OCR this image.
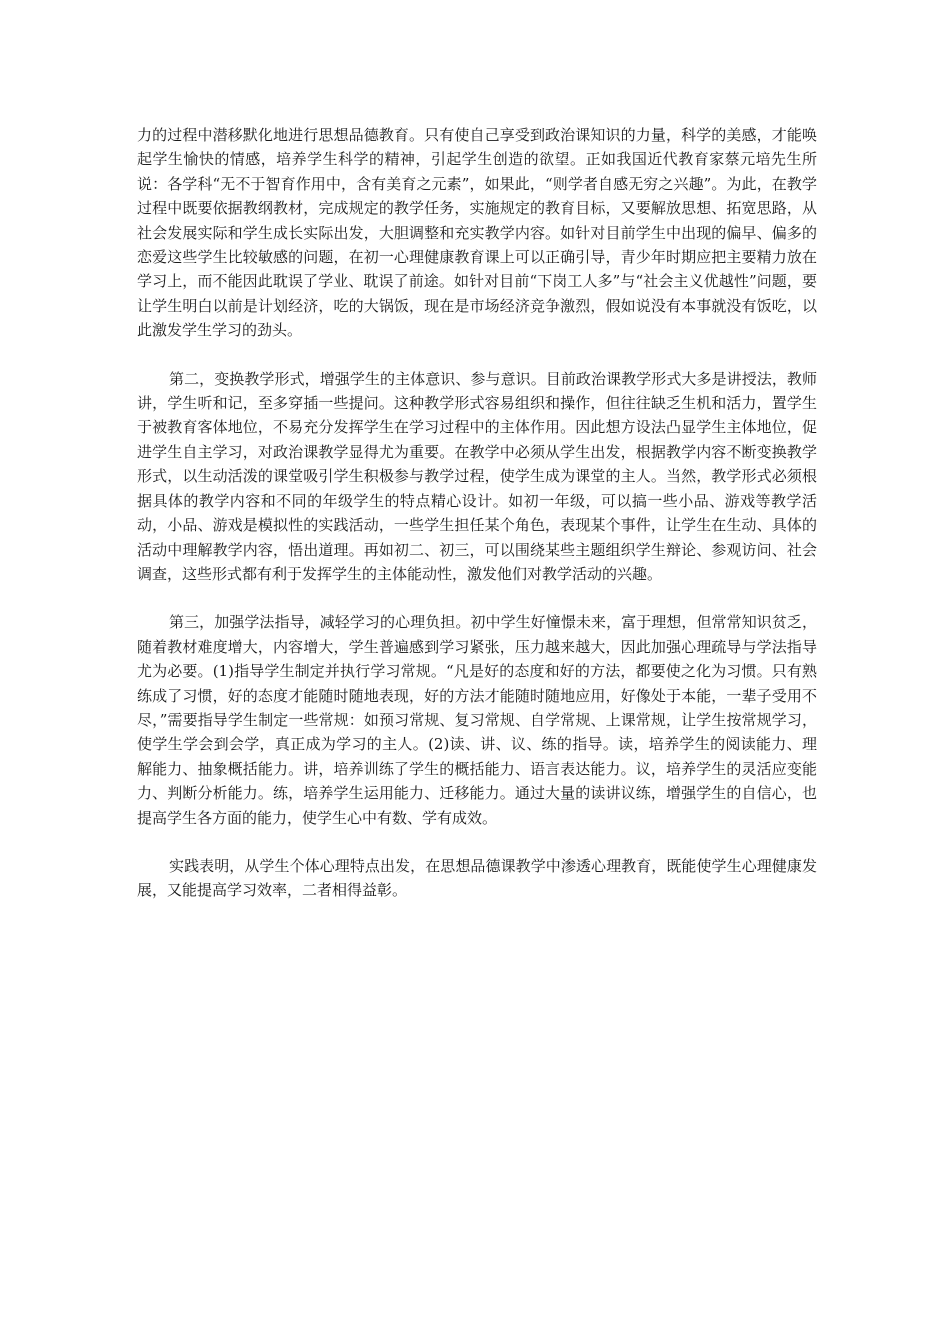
力的过程中潜移默化地进行思想品德教育。只有使自己享受到政治课知识的力量，科学的美感，才能唤起学生愉快的情感，培养学生科学的精神，引起学生创造的欲望。正如我国近代教育家蔡元培先生所说：各学科“无不于智育作用中，含有美育之元素”，如果此，“则学者自感无穷之兴趣”。为此，在教学过程中既要依据教纲教材，完成规定的教学任务，实施规定的教育目标，又要解放思想、拓宽思路，从社会发展实际和学生成长实际出发，大胆调整和充实教学内容。如针对目前学生中出现的偏早、偏多的恋爱这些学生比较敏感的问题，在初一心理健康教育课上可以正确引导，青少年时期应把主要精力放在学习上，而不能因此耽误了学业、耽误了前途。如针对目前“下岗工人多”与“社会主义优越性”问题，要让学生明白以前是计划经济，吃的大锅饭，现在是市场经济竞争激烈，假如说没有本事就没有饭吃，以此激发学生学习的劲头。

第二，变换教学形式，增强学生的主体意识、参与意识。目前政治课教学形式大多是讲授法，教师讲，学生听和记，至多穿插一些提问。这种教学形式容易组织和操作，但往往缺乏生机和活力，置学生于被教育客体地位，不易充分发挥学生在学习过程中的主体作用。因此想方设法凸显学生主体地位，促进学生自主学习，对政治课教学显得尤为重要。在教学中必须从学生出发，根据教学内容不断变换教学形式，以生动活泼的课堂吸引学生积极参与教学过程，使学生成为课堂的主人。当然，教学形式必须根据具体的教学内容和不同的年级学生的特点精心设计。如初一年级，可以搞一些小品、游戏等教学活动，小品、游戏是模拟性的实践活动，一些学生担任某个角色，表现某个事件，让学生在生动、具体的活动中理解教学内容，悟出道理。再如初二、初三，可以围绕某些主题组织学生辩论、参观访问、社会调查，这些形式都有利于发挥学生的主体能动性，激发他们对教学活动的兴趣。

第三，加强学法指导，减轻学习的心理负担。初中学生好憧憬未来，富于理想，但常常知识贫乏，随着教材难度增大，内容增大，学生普遍感到学习紧张，压力越来越大，因此加强心理疏导与学法指导尤为必要。(1)指导学生制定并执行学习常规。“凡是好的态度和好的方法，都要使之化为习惯。只有熟练成了习惯，好的态度才能随时随地表现，好的方法才能随时随地应用，好像处于本能，一辈子受用不尽，”需要指导学生制定一些常规：如预习常规、复习常规、自学常规、上课常规，让学生按常规学习，使学生学会到会学，真正成为学习的主人。(2)读、讲、议、练的指导。读，培养学生的阅读能力、理解能力、抽象概括能力。讲，培养训练了学生的概括能力、语言表达能力。议，培养学生的灵活应变能力、判断分析能力。练，培养学生运用能力、迁移能力。通过大量的读讲议练，增强学生的自信心，也提高学生各方面的能力，使学生心中有数、学有成效。

实践表明，从学生个体心理特点出发，在思想品德课教学中渗透心理教育，既能使学生心理健康发展，又能提高学习效率，二者相得益彰。
